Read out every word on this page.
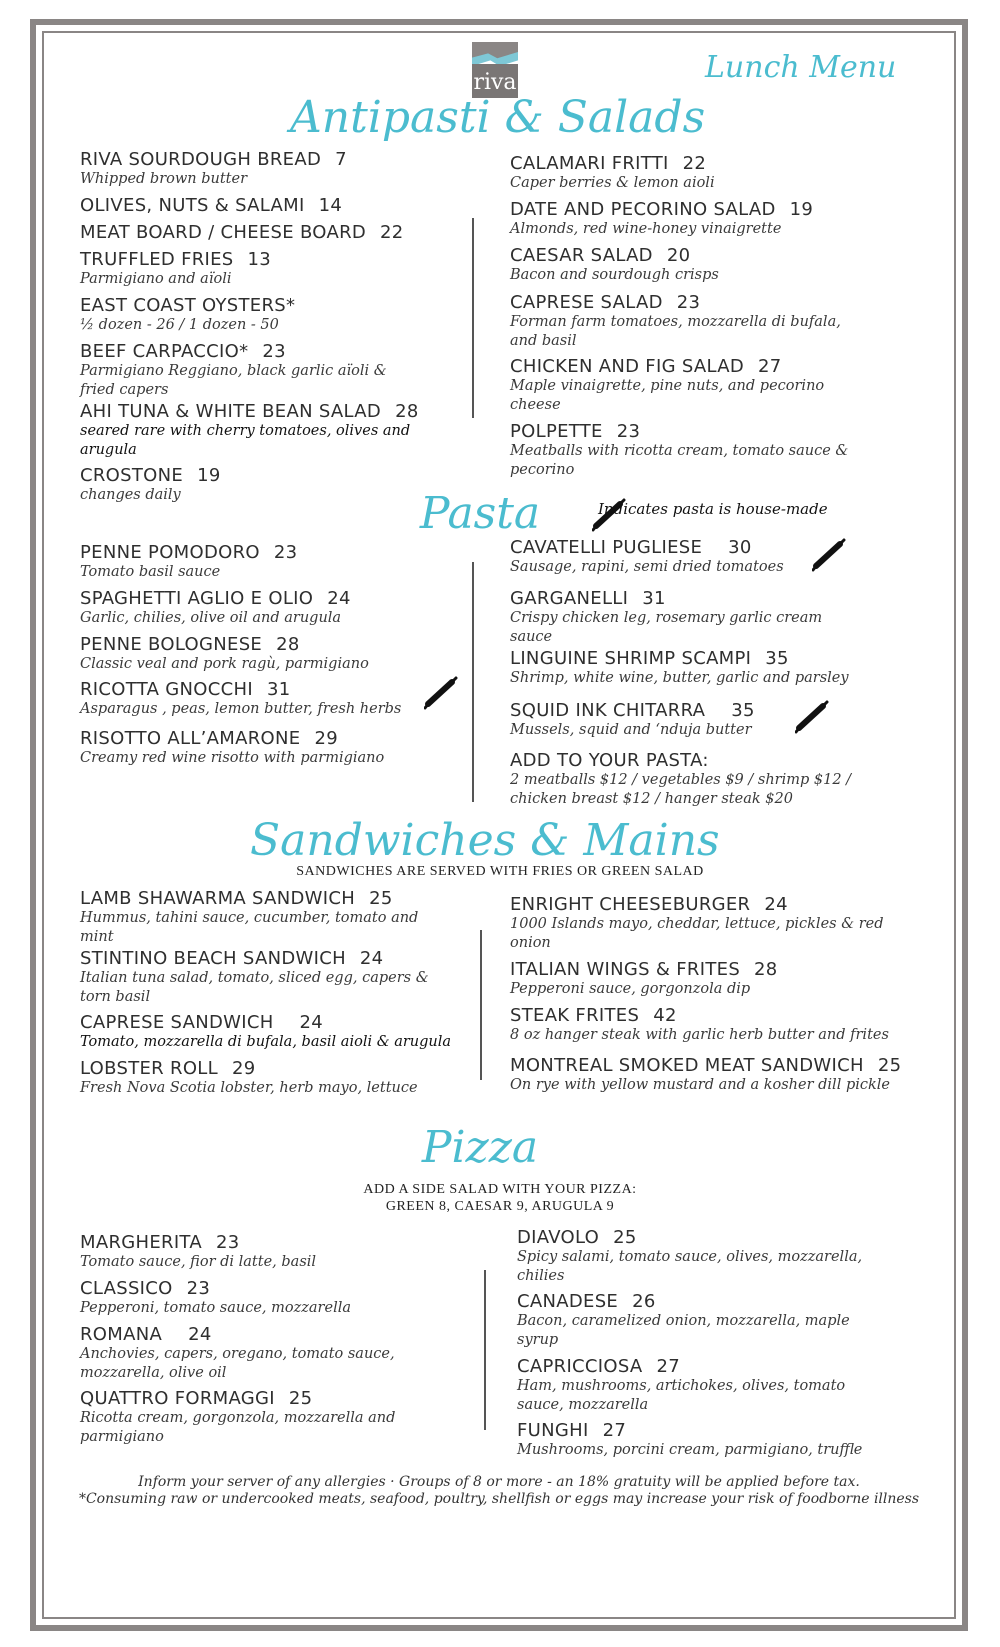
riva	Lunch Menu
Antipasti & Salads
RIVA SOURDOUGH BREAD 7
Whipped brown butter
OLIVES, NUTS & SALAMI 14
MEAT BOARD / CHEESE BOARD 22
TRUFFLED FRIES 13
Parmigiano and aïoli
EAST COAST OYSTERS*
½ dozen - 26 / 1 dozen - 50
BEEF CARPACCIO* 23
Parmigiano Reggiano, black garlic aïoli & fried capers
AHI TUNA & WHITE BEAN SALAD 28
seared rare with cherry tomatoes, olives and arugula
CROSTONE 19
changes daily
CALAMARI FRITTI 22
Caper berries & lemon aioli
DATE AND PECORINO SALAD 19
Almonds, red wine-honey vinaigrette
CAESAR SALAD 20
Bacon and sourdough crisps
CAPRESE SALAD 23
Forman farm tomatoes, mozzarella di bufala, and basil
CHICKEN AND FIG SALAD 27
Maple vinaigrette, pine nuts, and pecorino cheese
POLPETTE 23
Meatballs with ricotta cream, tomato sauce & pecorino
Pasta	Indicates pasta is house-made
PENNE POMODORO 23
Tomato basil sauce
SPAGHETTI AGLIO E OLIO 24
Garlic, chilies, olive oil and arugula
PENNE BOLOGNESE 28
Classic veal and pork ragù, parmigiano
RICOTTA GNOCCHI 31
Asparagus , peas, lemon butter, fresh herbs
RISOTTO ALL’AMARONE 29
Creamy red wine risotto with parmigiano
CAVATELLI PUGLIESE 30
Sausage, rapini, semi dried tomatoes
GARGANELLI 31
Crispy chicken leg, rosemary garlic cream sauce
LINGUINE SHRIMP SCAMPI 35
Shrimp, white wine, butter, garlic and parsley
SQUID INK CHITARRA 35
Mussels, squid and ‘nduja butter
ADD TO YOUR PASTA:
2 meatballs $12 / vegetables $9 / shrimp $12 / chicken breast $12 / hanger steak $20
Sandwiches & Mains
SANDWICHES ARE SERVED WITH FRIES OR GREEN SALAD
LAMB SHAWARMA SANDWICH 25
Hummus, tahini sauce, cucumber, tomato and mint
STINTINO BEACH SANDWICH 24
Italian tuna salad, tomato, sliced egg, capers & torn basil
CAPRESE SANDWICH 24
Tomato, mozzarella di bufala, basil aioli & arugula
LOBSTER ROLL 29
Fresh Nova Scotia lobster, herb mayo, lettuce
ENRIGHT CHEESEBURGER 24
1000 Islands mayo, cheddar, lettuce, pickles & red onion
ITALIAN WINGS & FRITES 28
Pepperoni sauce, gorgonzola dip
STEAK FRITES 42
8 oz hanger steak with garlic herb butter and frites
MONTREAL SMOKED MEAT SANDWICH 25
On rye with yellow mustard and a kosher dill pickle
Pizza
ADD A SIDE SALAD WITH YOUR PIZZA:
GREEN 8, CAESAR 9, ARUGULA 9
MARGHERITA 23
Tomato sauce, fior di latte, basil
CLASSICO 23
Pepperoni, tomato sauce, mozzarella
ROMANA 24
Anchovies, capers, oregano, tomato sauce, mozzarella, olive oil
QUATTRO FORMAGGI 25
Ricotta cream, gorgonzola, mozzarella and parmigiano
DIAVOLO 25
Spicy salami, tomato sauce, olives, mozzarella, chilies
CANADESE 26
Bacon, caramelized onion, mozzarella, maple syrup
CAPRICCIOSA 27
Ham, mushrooms, artichokes, olives, tomato sauce, mozzarella
FUNGHI 27
Mushrooms, porcini cream, parmigiano, truffle
Inform your server of any allergies · Groups of 8 or more - an 18% gratuity will be applied before tax.
*Consuming raw or undercooked meats, seafood, poultry, shellfish or eggs may increase your risk of foodborne illness
